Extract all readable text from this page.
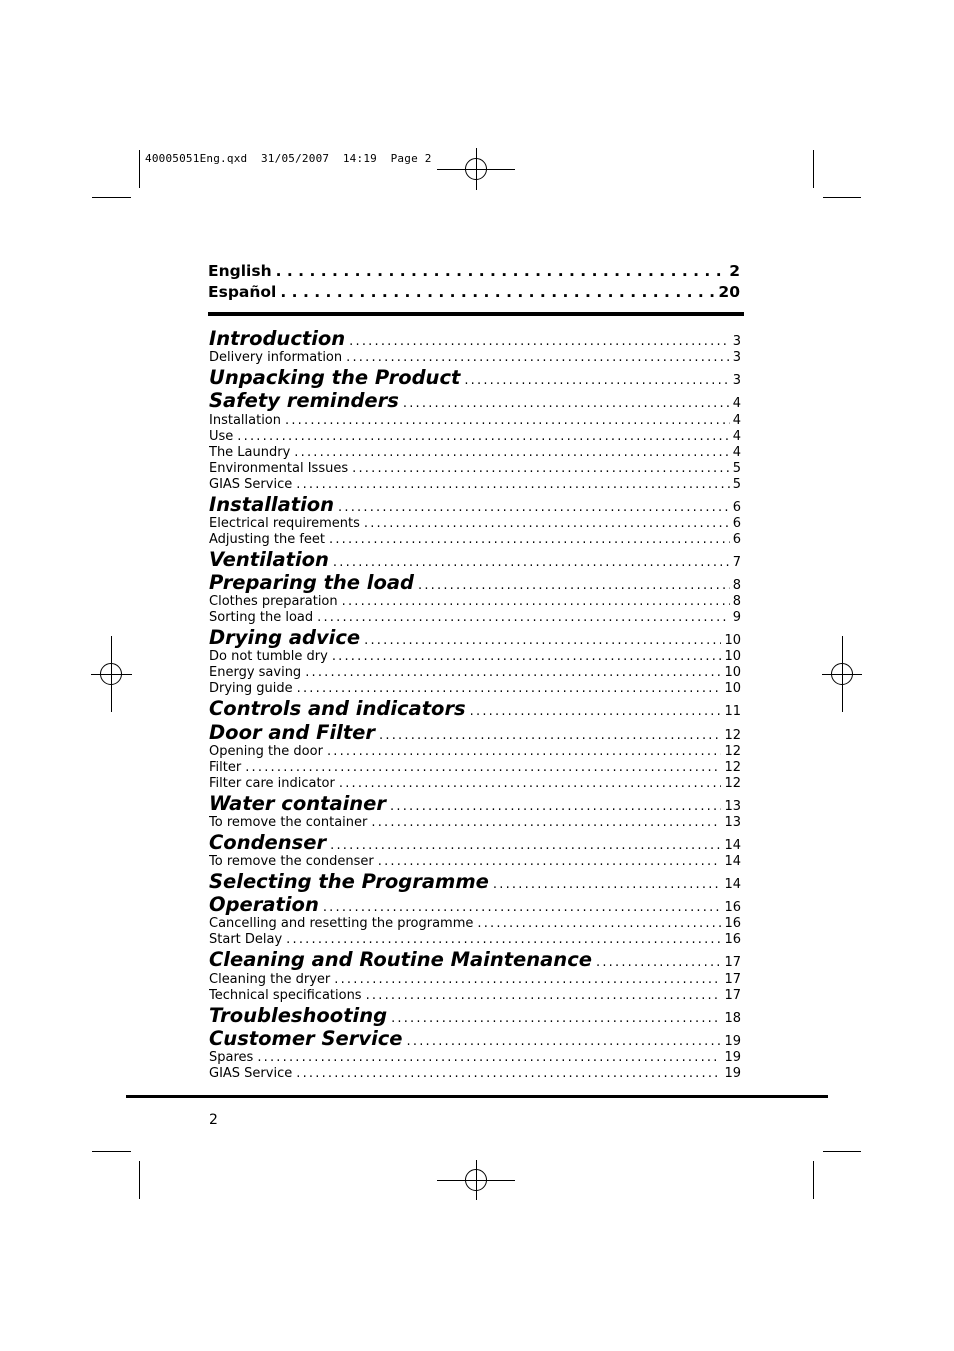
40005051Eng.qxd  31/05/2007  14:19  Page 2
English . . .	2
Español . . .	20
Introduction .....	3
Delivery information .....	3
Unpacking the Product .....	3
Safety reminders .....	4
Installation .....	4
Use .....	4
The Laundry .....	4
Environmental Issues .....	5
GIAS Service .....	5
Installation .....	6
Electrical requirements .....	6
Adjusting the feet .....	6
Ventilation .....	7
Preparing the load .....	8
Clothes preparation .....	8
Sorting the load .....	9
Drying advice .....	10
Do not tumble dry .....	10
Energy saving .....	10
Drying guide .....	10
Controls and indicators .....	11
Door and Filter .....	12
Opening the door .....	12
Filter .....	12
Filter care indicator .....	12
Water container .....	13
To remove the container .....	13
Condenser .....	14
To remove the condenser .....	14
Selecting the Programme .....	14
Operation .....	16
Cancelling and resetting the programme .....	16
Start Delay .....	16
Cleaning and Routine Maintenance .....	17
Cleaning the dryer .....	17
Technical specifications .....	17
Troubleshooting .....	18
Customer Service .....	19
Spares .....	19
GIAS Service .....	19
2
